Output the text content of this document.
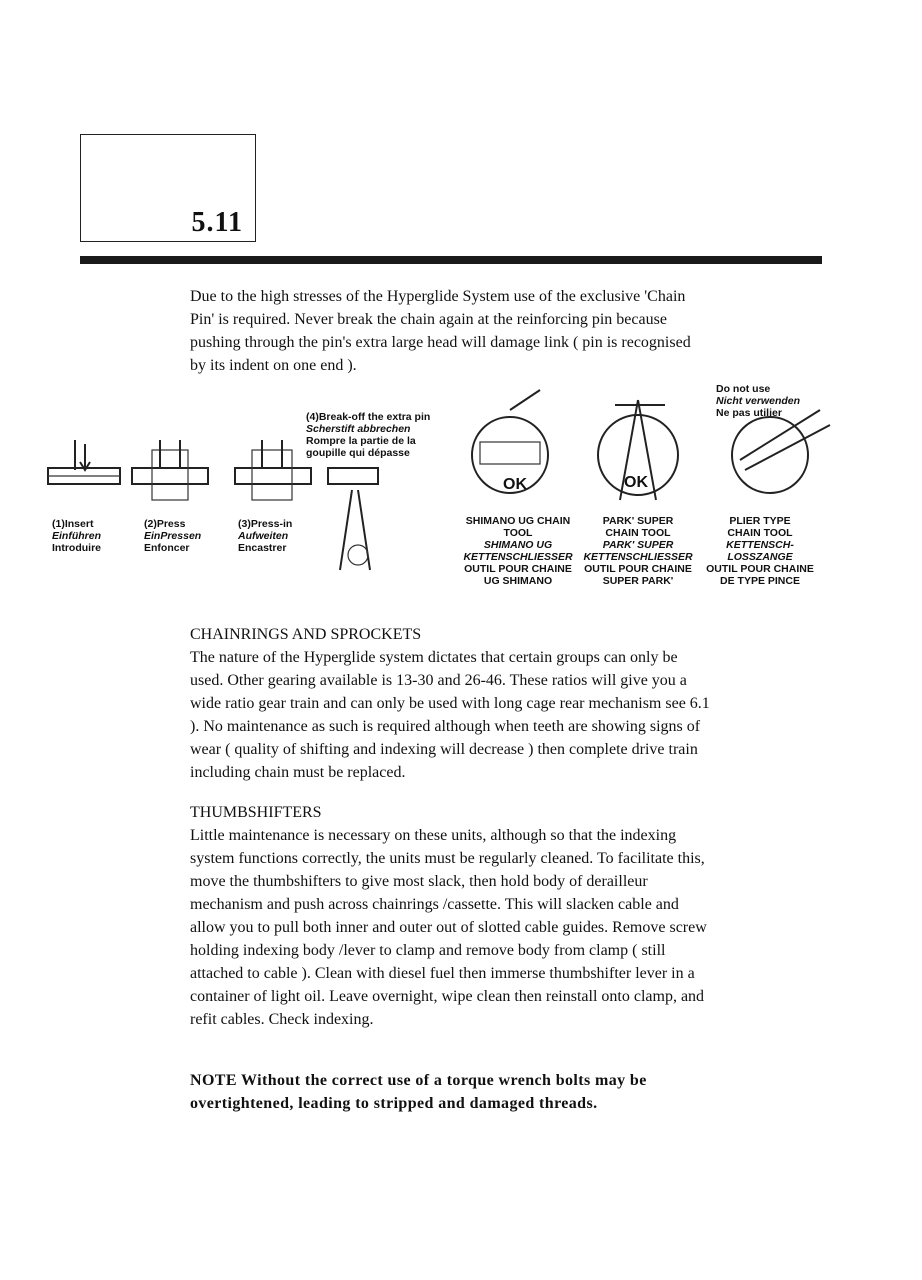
5.11
Due to the high stresses of the Hyperglide System use of the exclusive 'Chain Pin' is required. Never break the chain again at the reinforcing pin because pushing through the pin's extra large head will damage link ( pin is recognised by its indent on one end ).
OK	OK
(1)Insert
Einführen
Introduire
(2)Press
EinPressen
Enfoncer
(3)Press-in
Aufweiten
Encastrer
(4)Break-off the extra pin
Scherstift abbrechen
Rompre la partie de la
goupille qui dépasse
SHIMANO UG CHAIN
TOOL
SHIMANO UG
KETTENSCHLIESSER
OUTIL POUR CHAINE
UG SHIMANO
PARK' SUPER
CHAIN TOOL
PARK' SUPER
KETTENSCHLIESSER
OUTIL POUR CHAINE
SUPER PARK'
Do not use
Nicht verwenden
Ne pas utilier
PLIER TYPE
CHAIN TOOL
KETTENSCH-
LOSSZANGE
OUTIL POUR CHAINE
DE TYPE PINCE
CHAINRINGS AND SPROCKETS
The nature of the Hyperglide system dictates that certain groups can only be used. Other gearing available is 13-30 and 26-46. These ratios will give you a wide ratio gear train and can only be used with long cage rear mechanism see 6.1 ). No maintenance as such is required although when teeth are showing signs of wear ( quality of shifting and indexing will decrease ) then complete drive train including chain must be replaced.
THUMBSHIFTERS
Little maintenance is necessary on these units, although so that the indexing system functions correctly, the units must be regularly cleaned. To facilitate this, move the thumbshifters to give most slack, then hold body of derailleur mechanism and push across chainrings /cassette. This will slacken cable and allow you to pull both inner and outer out of slotted cable guides. Remove screw holding indexing body /lever to clamp and remove body from clamp ( still attached to cable ). Clean with diesel fuel then immerse thumbshifter lever in a container of light oil. Leave overnight, wipe clean then reinstall onto clamp, and refit cables. Check indexing.
NOTE Without the correct use of a torque wrench bolts may be overtightened, leading to stripped and damaged threads.
